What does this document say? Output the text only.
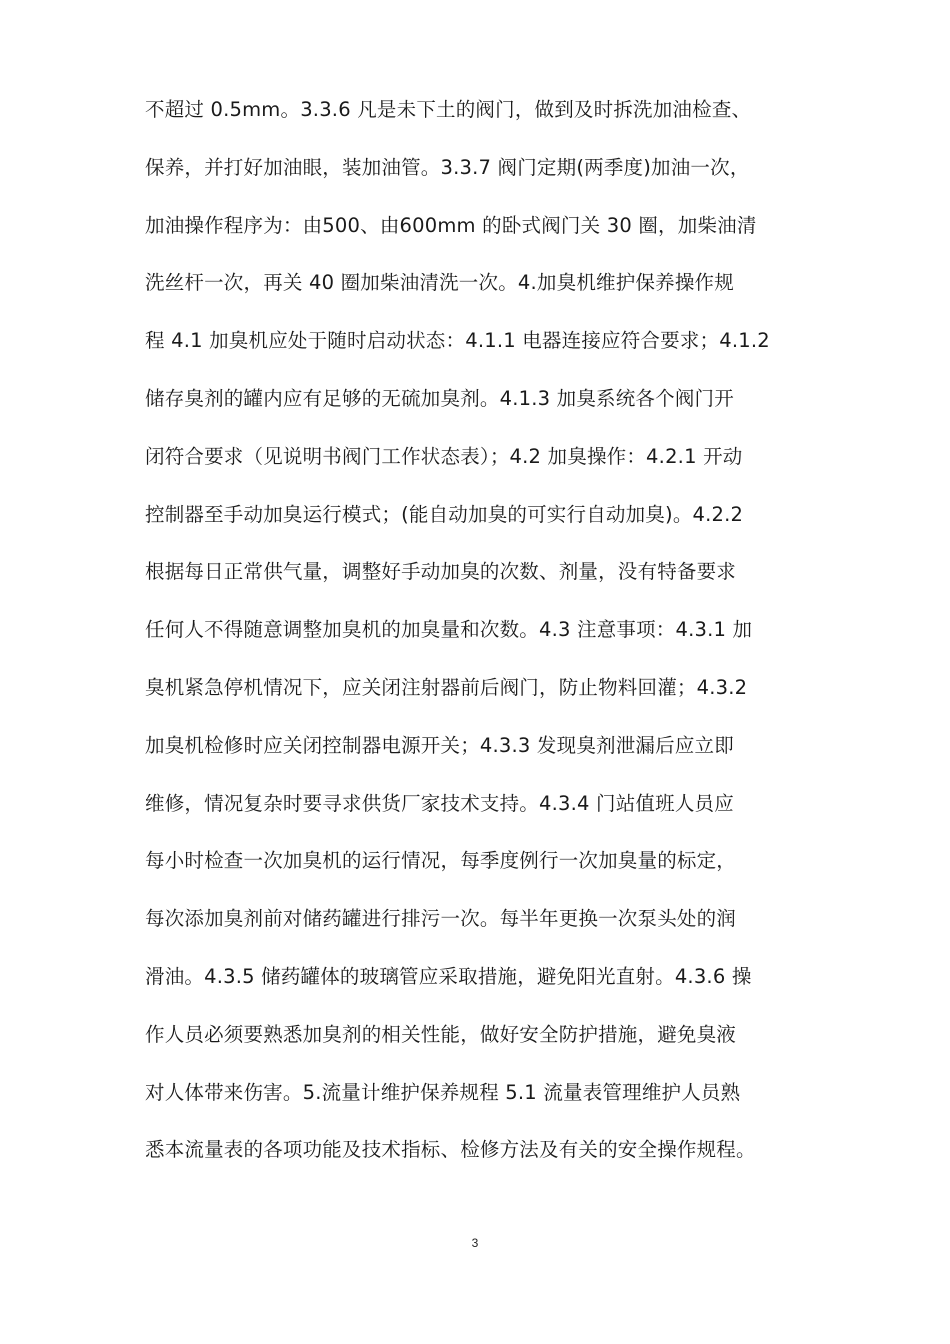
不超过 0.5mm。3.3.6 凡是未下土的阀门，做到及时拆洗加油检查、
保养，并打好加油眼，装加油管。3.3.7 阀门定期(两季度)加油一次，
加油操作程序为：由500、由600mm 的卧式阀门关 30 圈，加柴油清
洗丝杆一次，再关 40 圈加柴油清洗一次。4.加臭机维护保养操作规
程 4.1 加臭机应处于随时启动状态：4.1.1 电器连接应符合要求；4.1.2
储存臭剂的罐内应有足够的无硫加臭剂。4.1.3 加臭系统各个阀门开
闭符合要求（见说明书阀门工作状态表）；4.2 加臭操作：4.2.1 开动
控制器至手动加臭运行模式；(能自动加臭的可实行自动加臭)。4.2.2
根据每日正常供气量，调整好手动加臭的次数、剂量，没有特备要求
任何人不得随意调整加臭机的加臭量和次数。4.3 注意事项：4.3.1 加
臭机紧急停机情况下，应关闭注射器前后阀门，防止物料回灌；4.3.2
加臭机检修时应关闭控制器电源开关；4.3.3 发现臭剂泄漏后应立即
维修，情况复杂时要寻求供货厂家技术支持。4.3.4 门站值班人员应
每小时检查一次加臭机的运行情况，每季度例行一次加臭量的标定，
每次添加臭剂前对储药罐进行排污一次。每半年更换一次泵头处的润
滑油。4.3.5 储药罐体的玻璃管应采取措施，避免阳光直射。4.3.6 操
作人员必须要熟悉加臭剂的相关性能，做好安全防护措施，避免臭液
对人体带来伤害。5.流量计维护保养规程 5.1 流量表管理维护人员熟
悉本流量表的各项功能及技术指标、检修方法及有关的安全操作规程。
3
